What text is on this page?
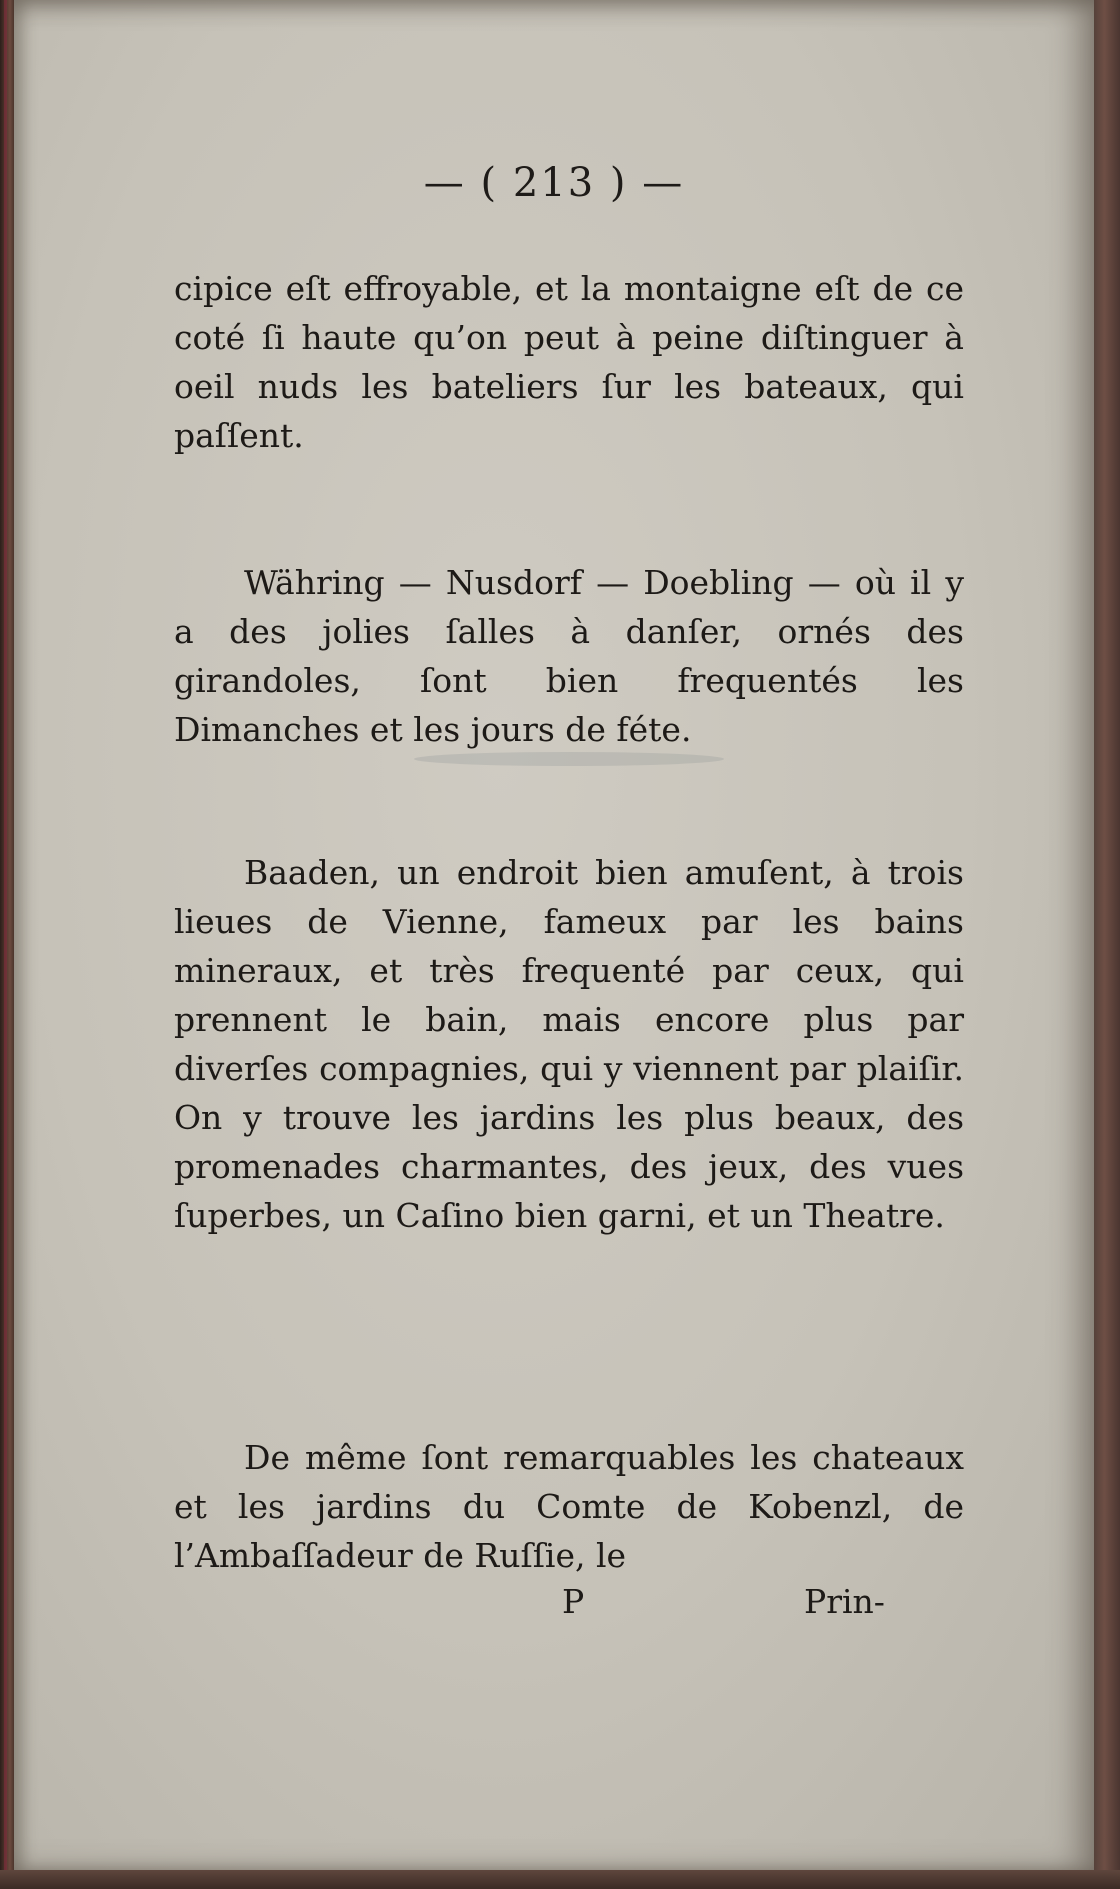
— ( 213 ) —

cipice eſt effroyable, et la montaigne eſt de ce coté ſi haute qu’on peut à peine diſtinguer à oeil nuds les bateliers ſur les bateaux, qui paſſent.

Währing — Nusdorf — Doebling — où il y a des jolies ſalles à danſer, ornés des girandoles, ſont bien frequentés les Dimanches et les jours de féte.

Baaden, un endroit bien amuſent, à trois lieues de Vienne, fameux par les bains mineraux, et très frequenté par ceux, qui prennent le bain, mais encore plus par diverſes compagnies, qui y viennent par plaiſir. On y trouve les jardins les plus beaux, des promenades charmantes, des jeux, des vues ſuperbes, un Caſino bien garni, et un Theatre.

De même ſont remarquables les chateaux et les jardins du Comte de Kobenzl, de l’Ambaſſadeur de Ruſſie, le

P	Prin-
